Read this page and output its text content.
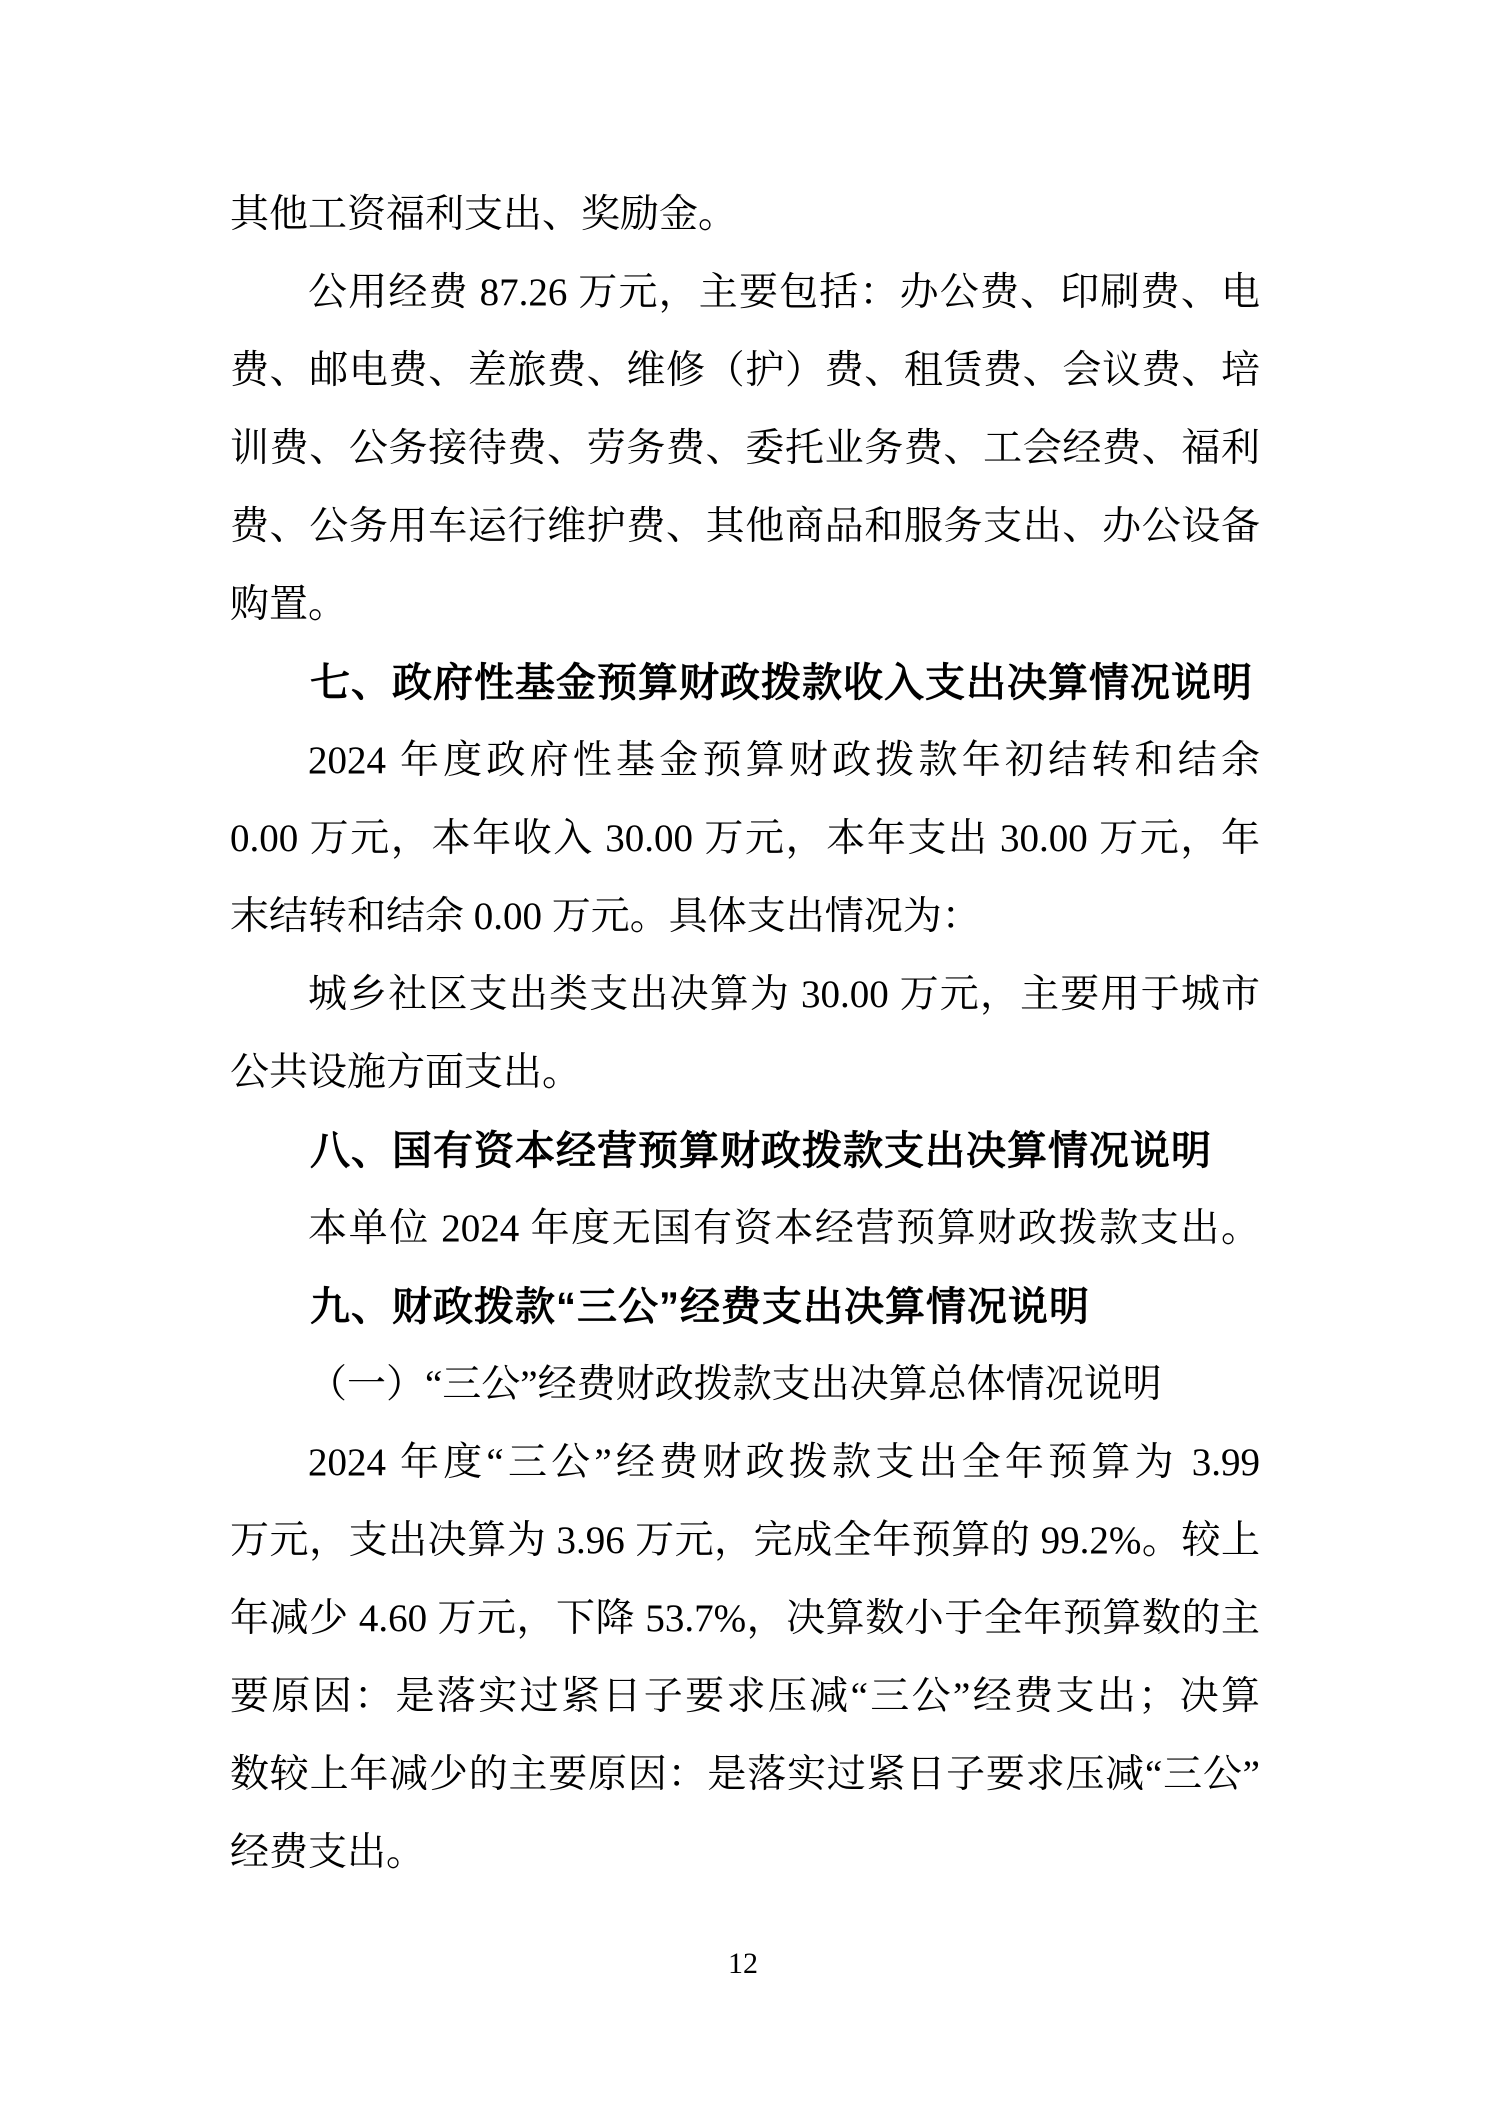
其他工资福利支出、奖励金。
公用经费 87.26 万元，主要包括：办公费、印刷费、电
费、邮电费、差旅费、维修（护）费、租赁费、会议费、培
训费、公务接待费、劳务费、委托业务费、工会经费、福利
费、公务用车运行维护费、其他商品和服务支出、办公设备
购置。
七、政府性基金预算财政拨款收入支出决算情况说明
2024 年度政府性基金预算财政拨款年初结转和结余
0.00 万元，本年收入 30.00 万元，本年支出 30.00 万元，年
末结转和结余 0.00 万元。具体支出情况为：
城乡社区支出类支出决算为 30.00 万元，主要用于城市
公共设施方面支出。
八、国有资本经营预算财政拨款支出决算情况说明
本单位 2024 年度无国有资本经营预算财政拨款支出。
九、财政拨款“三公”经费支出决算情况说明
（一）“三公”经费财政拨款支出决算总体情况说明
2024 年度“三公”经费财政拨款支出全年预算为 3.99
万元，支出决算为 3.96 万元，完成全年预算的 99.2%。较上
年减少 4.60 万元，下降 53.7%，决算数小于全年预算数的主
要原因：是落实过紧日子要求压减“三公”经费支出；决算
数较上年减少的主要原因：是落实过紧日子要求压减“三公”
经费支出。
12
